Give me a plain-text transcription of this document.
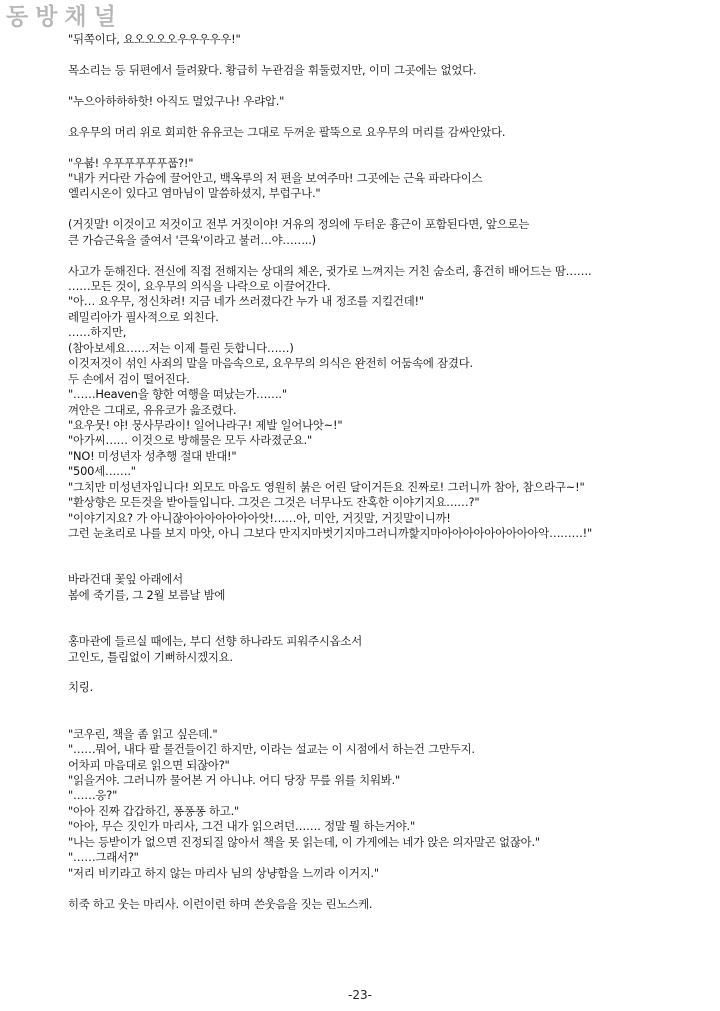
동방채널
"뒤쪽이다, 요오오오오우우우우우!"
목소리는 등 뒤편에서 들려왔다. 황급히 누관검을 휘둘렀지만, 이미 그곳에는 없었다.
"누으아하하하핫! 아직도 멀었구나! 우랴압."
요우무의 머리 위로 회피한 유유코는 그대로 두꺼운 팔뚝으로 요우무의 머리를 감싸안았다.
"우붑! 우푸푸푸푸푸풉?!"
"내가 커다란 가슴에 끌어안고, 백옥루의 저 편을 보여주마! 그곳에는 근육 파라다이스
엘리시온이 있다고 염마님이 말씀하셨지, 부럽구나."
(거짓말! 이것이고 저것이고 전부 거짓이야! 거유의 정의에 두터운 흉근이 포함된다면, 앞으로는
큰 가슴근육을 줄여서 '큰육'이라고 불러…야……..)
사고가 둔해진다. 전신에 직접 전해지는 상대의 체온, 귓가로 느껴지는 거친 숨소리, 흉건히 배어드는 땀…….
……모든 것이, 요우무의 의식을 나락으로 이끌어간다.
"아… 요우무, 정신차려! 지금 네가 쓰러졌다간 누가 내 정조를 지킬건데!"
레밀리아가 필사적으로 외친다.
……하지만,
(참아보세요……저는 이제 틀린 듯합니다……)
이것저것이 섞인 사죄의 말을 마음속으로, 요우무의 의식은 완전히 어둠속에 잠겼다.
두 손에서 검이 떨어진다.
"……Heaven을 향한 여행을 떠났는가……."
껴안은 그대로, 유유코가 읊조렸다.
"요우뭇! 야! 뭉사무라이! 일어나라구! 제발 일어나앗~!"
"아가씨…… 이것으로 방해물은 모두 사라졌군요."
"NO! 미성년자 성추행 절대 반대!"
"500세……."
"그치만 미성년자입니다! 외모도 마음도 영원히 붉은 어린 달이거든요 진짜로! 그러니까 참아, 참으라구~!"
"환상향은 모든것을 받아들입니다. 그것은 그것은 너무나도 잔혹한 이야기지요……?"
"이야기지요? 가 아니잖아아아아아아아앗!……아, 미안, 거짓말, 거짓말이니까!
그런 눈초리로 나를 보지 마앗, 아니 그보다 만지지마벗기지마그러니까핥지마아아아아아아아아아악………!"
바라건대 꽃잎 아래에서
봄에 죽기를, 그 2월 보름날 밤에
홍마관에 들르실 때에는, 부디 선향 하나라도 피워주시옵소서
고인도, 틀림없이 기뻐하시겠지요.
치링.
"코우린, 책을 좀 읽고 싶은데."
"……뭐어, 내다 팔 물건들이긴 하지만, 이라는 설교는 이 시점에서 하는건 그만두지.
어차피 마음대로 읽으면 되잖아?"
"읽을거야. 그러니까 물어본 거 아니냐. 어디 당장 무릎 위를 치워봐."
"……응?"
"아아 진짜 갑갑하긴, 퐁퐁퐁 하고."
"아아, 무슨 짓인가 마리사, 그건 내가 읽으려던……. 정말 뭘 하는거야."
"나는 등받이가 없으면 진정되질 않아서 책을 못 읽는데, 이 가게에는 네가 앉은 의자말곤 없잖아."
"……그래서?"
"저리 비키라고 하지 않는 마리사 님의 상냥함을 느끼라 이거지."
히죽 하고 웃는 마리사. 이런이런 하며 쓴웃음을 짓는 린노스케.
-23-
